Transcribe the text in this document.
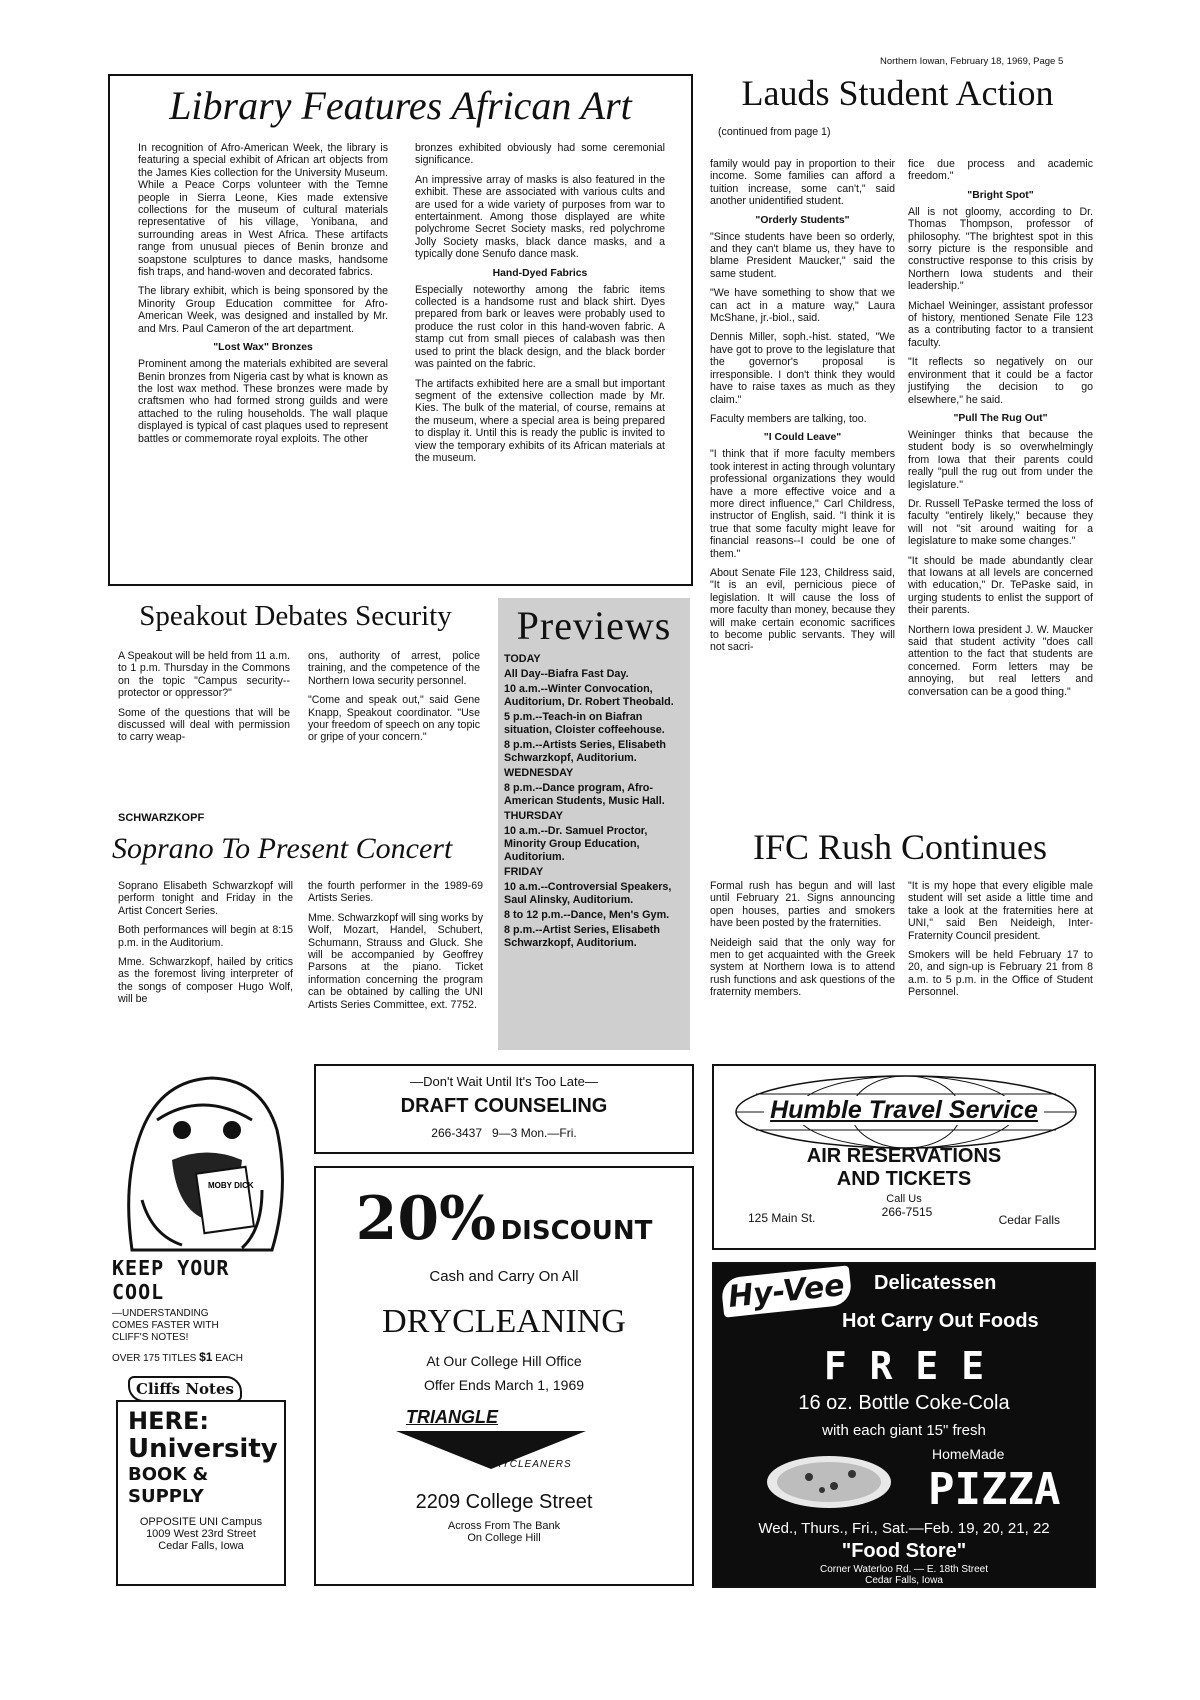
Northern Iowan, February 18, 1969, Page 5
Library Features African Art

In recognition of Afro-American Week, the library is featuring a special exhibit of African art objects from the James Kies collection for the University Museum. While a Peace Corps volunteer with the Temne people in Sierra Leone, Kies made extensive collections for the museum of cultural materials representative of his village, Yonibana, and surrounding areas in West Africa. These artifacts range from unusual pieces of Benin bronze and soapstone sculptures to dance masks, handsome fish traps, and hand-woven and decorated fabrics.

The library exhibit, which is being sponsored by the Minority Group Education committee for Afro-American Week, was designed and installed by Mr. and Mrs. Paul Cameron of the art department.

"Lost Wax" Bronzes

Prominent among the materials exhibited are several Benin bronzes from Nigeria cast by what is known as the lost wax method. These bronzes were made by craftsmen who had formed strong guilds and were attached to the ruling households. The wall plaque displayed is typical of cast plaques used to represent battles or commemorate royal exploits. The other

bronzes exhibited obviously had some ceremonial significance.

An impressive array of masks is also featured in the exhibit. These are associated with various cults and are used for a wide variety of purposes from war to entertainment. Among those displayed are white polychrome Secret Society masks, red polychrome Jolly Society masks, black dance masks, and a typically done Senufo dance mask.

Hand-Dyed Fabrics

Especially noteworthy among the fabric items collected is a handsome rust and black shirt. Dyes prepared from bark or leaves were probably used to produce the rust color in this hand-woven fabric. A stamp cut from small pieces of calabash was then used to print the black design, and the black border was painted on the fabric.

The artifacts exhibited here are a small but important segment of the extensive collection made by Mr. Kies. The bulk of the material, of course, remains at the museum, where a special area is being prepared to display it. Until this is ready the public is invited to view the temporary exhibits of its African materials at the museum.

Lauds Student Action
(continued from page 1)

family would pay in proportion to their income. Some families can afford a tuition increase, some can't," said another unidentified student.

"Orderly Students"

"Since students have been so orderly, and they can't blame us, they have to blame President Maucker," said the same student.

"We have something to show that we can act in a mature way," Laura McShane, jr.-biol., said.

Dennis Miller, soph.-hist. stated, "We have got to prove to the legislature that the governor's proposal is irresponsible. I don't think they would have to raise taxes as much as they claim."

Faculty members are talking, too.

"I Could Leave"

"I think that if more faculty members took interest in acting through voluntary professional organizations they would have a more effective voice and a more direct influence," Carl Childress, instructor of English, said. "I think it is true that some faculty might leave for financial reasons--I could be one of them."

About Senate File 123, Childress said, "It is an evil, pernicious piece of legislation. It will cause the loss of more faculty than money, because they will make certain economic sacrifices to become public servants. They will not sacri-

fice due process and academic freedom."

"Bright Spot"

All is not gloomy, according to Dr. Thomas Thompson, professor of philosophy. "The brightest spot in this sorry picture is the responsible and constructive response to this crisis by Northern Iowa students and their leadership."

Michael Weininger, assistant professor of history, mentioned Senate File 123 as a contributing factor to a transient faculty.

"It reflects so negatively on our environment that it could be a factor justifying the decision to go elsewhere," he said.

"Pull The Rug Out"

Weininger thinks that because the student body is so overwhelmingly from Iowa that their parents could really "pull the rug out from under the legislature."

Dr. Russell TePaske termed the loss of faculty "entirely likely," because they will not "sit around waiting for a legislature to make some changes."

"It should be made abundantly clear that Iowans at all levels are concerned with education," Dr. TePaske said, in urging students to enlist the support of their parents.

Northern Iowa president J. W. Maucker said that student activity "does call attention to the fact that students are concerned. Form letters may be annoying, but real letters and conversation can be a good thing."

Speakout Debates Security

A Speakout will be held from 11 a.m. to 1 p.m. Thursday in the Commons on the topic "Campus security--protector or oppressor?"

Some of the questions that will be discussed will deal with permission to carry weap-

ons, authority of arrest, police training, and the competence of the Northern Iowa security personnel.

"Come and speak out," said Gene Knapp, Speakout coordinator. "Use your freedom of speech on any topic or gripe of your concern."

SCHWARZKOPF
Soprano To Present Concert

Soprano Elisabeth Schwarzkopf will perform tonight and Friday in the Artist Concert Series.

Both performances will begin at 8:15 p.m. in the Auditorium.

Mme. Schwarzkopf, hailed by critics as the foremost living interpreter of the songs of composer Hugo Wolf, will be

the fourth performer in the 1989-69 Artists Series.

Mme. Schwarzkopf will sing works by Wolf, Mozart, Handel, Schubert, Schumann, Strauss and Gluck. She will be accompanied by Geoffrey Parsons at the piano. Ticket information concerning the program can be obtained by calling the UNI Artists Series Committee, ext. 7752.

Previews
TODAY
All Day--Biafra Fast Day.
10 a.m.--Winter Convocation, Auditorium, Dr. Robert Theobald.
5 p.m.--Teach-in on Biafran situation, Cloister coffeehouse.
8 p.m.--Artists Series, Elisabeth Schwarzkopf, Auditorium.
WEDNESDAY
8 p.m.--Dance program, Afro-American Students, Music Hall.
THURSDAY
10 a.m.--Dr. Samuel Proctor, Minority Group Education, Auditorium.
FRIDAY
10 a.m.--Controversial Speakers, Saul Alinsky, Auditorium.
8 to 12 p.m.--Dance, Men's Gym.
8 p.m.--Artist Series, Elisabeth Schwarzkopf, Auditorium.
IFC Rush Continues

Formal rush has begun and will last until February 21. Signs announcing open houses, parties and smokers have been posted by the fraternities.

Neideigh said that the only way for men to get acquainted with the Greek system at Northern Iowa is to attend rush functions and ask questions of the fraternity members.

"It is my hope that every eligible male student will set aside a little time and take a look at the fraternities here at UNI," said Ben Neideigh, Inter-Fraternity Council president.

Smokers will be held February 17 to 20, and sign-up is February 21 from 8 a.m. to 5 p.m. in the Office of Student Personnel.

MOBY DICK
KEEP YOUR COOL

—UNDERSTANDING COMES FASTER WITH CLIFF'S NOTES!

OVER 175 TITLES $1 EACH

Cliffs Notes
HERE:
University
BOOK & SUPPLY
OPPOSITE UNI Campus
1009 West 23rd Street
Cedar Falls, Iowa
—Don't Wait Until It's Too Late—
DRAFT COUNSELING
266-3437   9—3 Mon.—Fri.
20% DISCOUNT
Cash and Carry On All
DRYCLEANING
At Our College Hill Office
Offer Ends March 1, 1969
TRIANGLE
DRYCLEANERS
2209 College Street
Across From The Bank
On College Hill
Humble Travel Service
AIR RESERVATIONS
AND TICKETS
Call Us
125 Main St.	266-7515
Cedar Falls
Hy-Vee	Delicatessen
Hot Carry Out Foods
F R E E
16 oz. Bottle Coke-Cola
with each giant 15" fresh
HomeMade
PIZZA
Wed., Thurs., Fri., Sat.—Feb. 19, 20, 21, 22
"Food Store"
Corner Waterloo Rd. — E. 18th Street
Cedar Falls, Iowa
